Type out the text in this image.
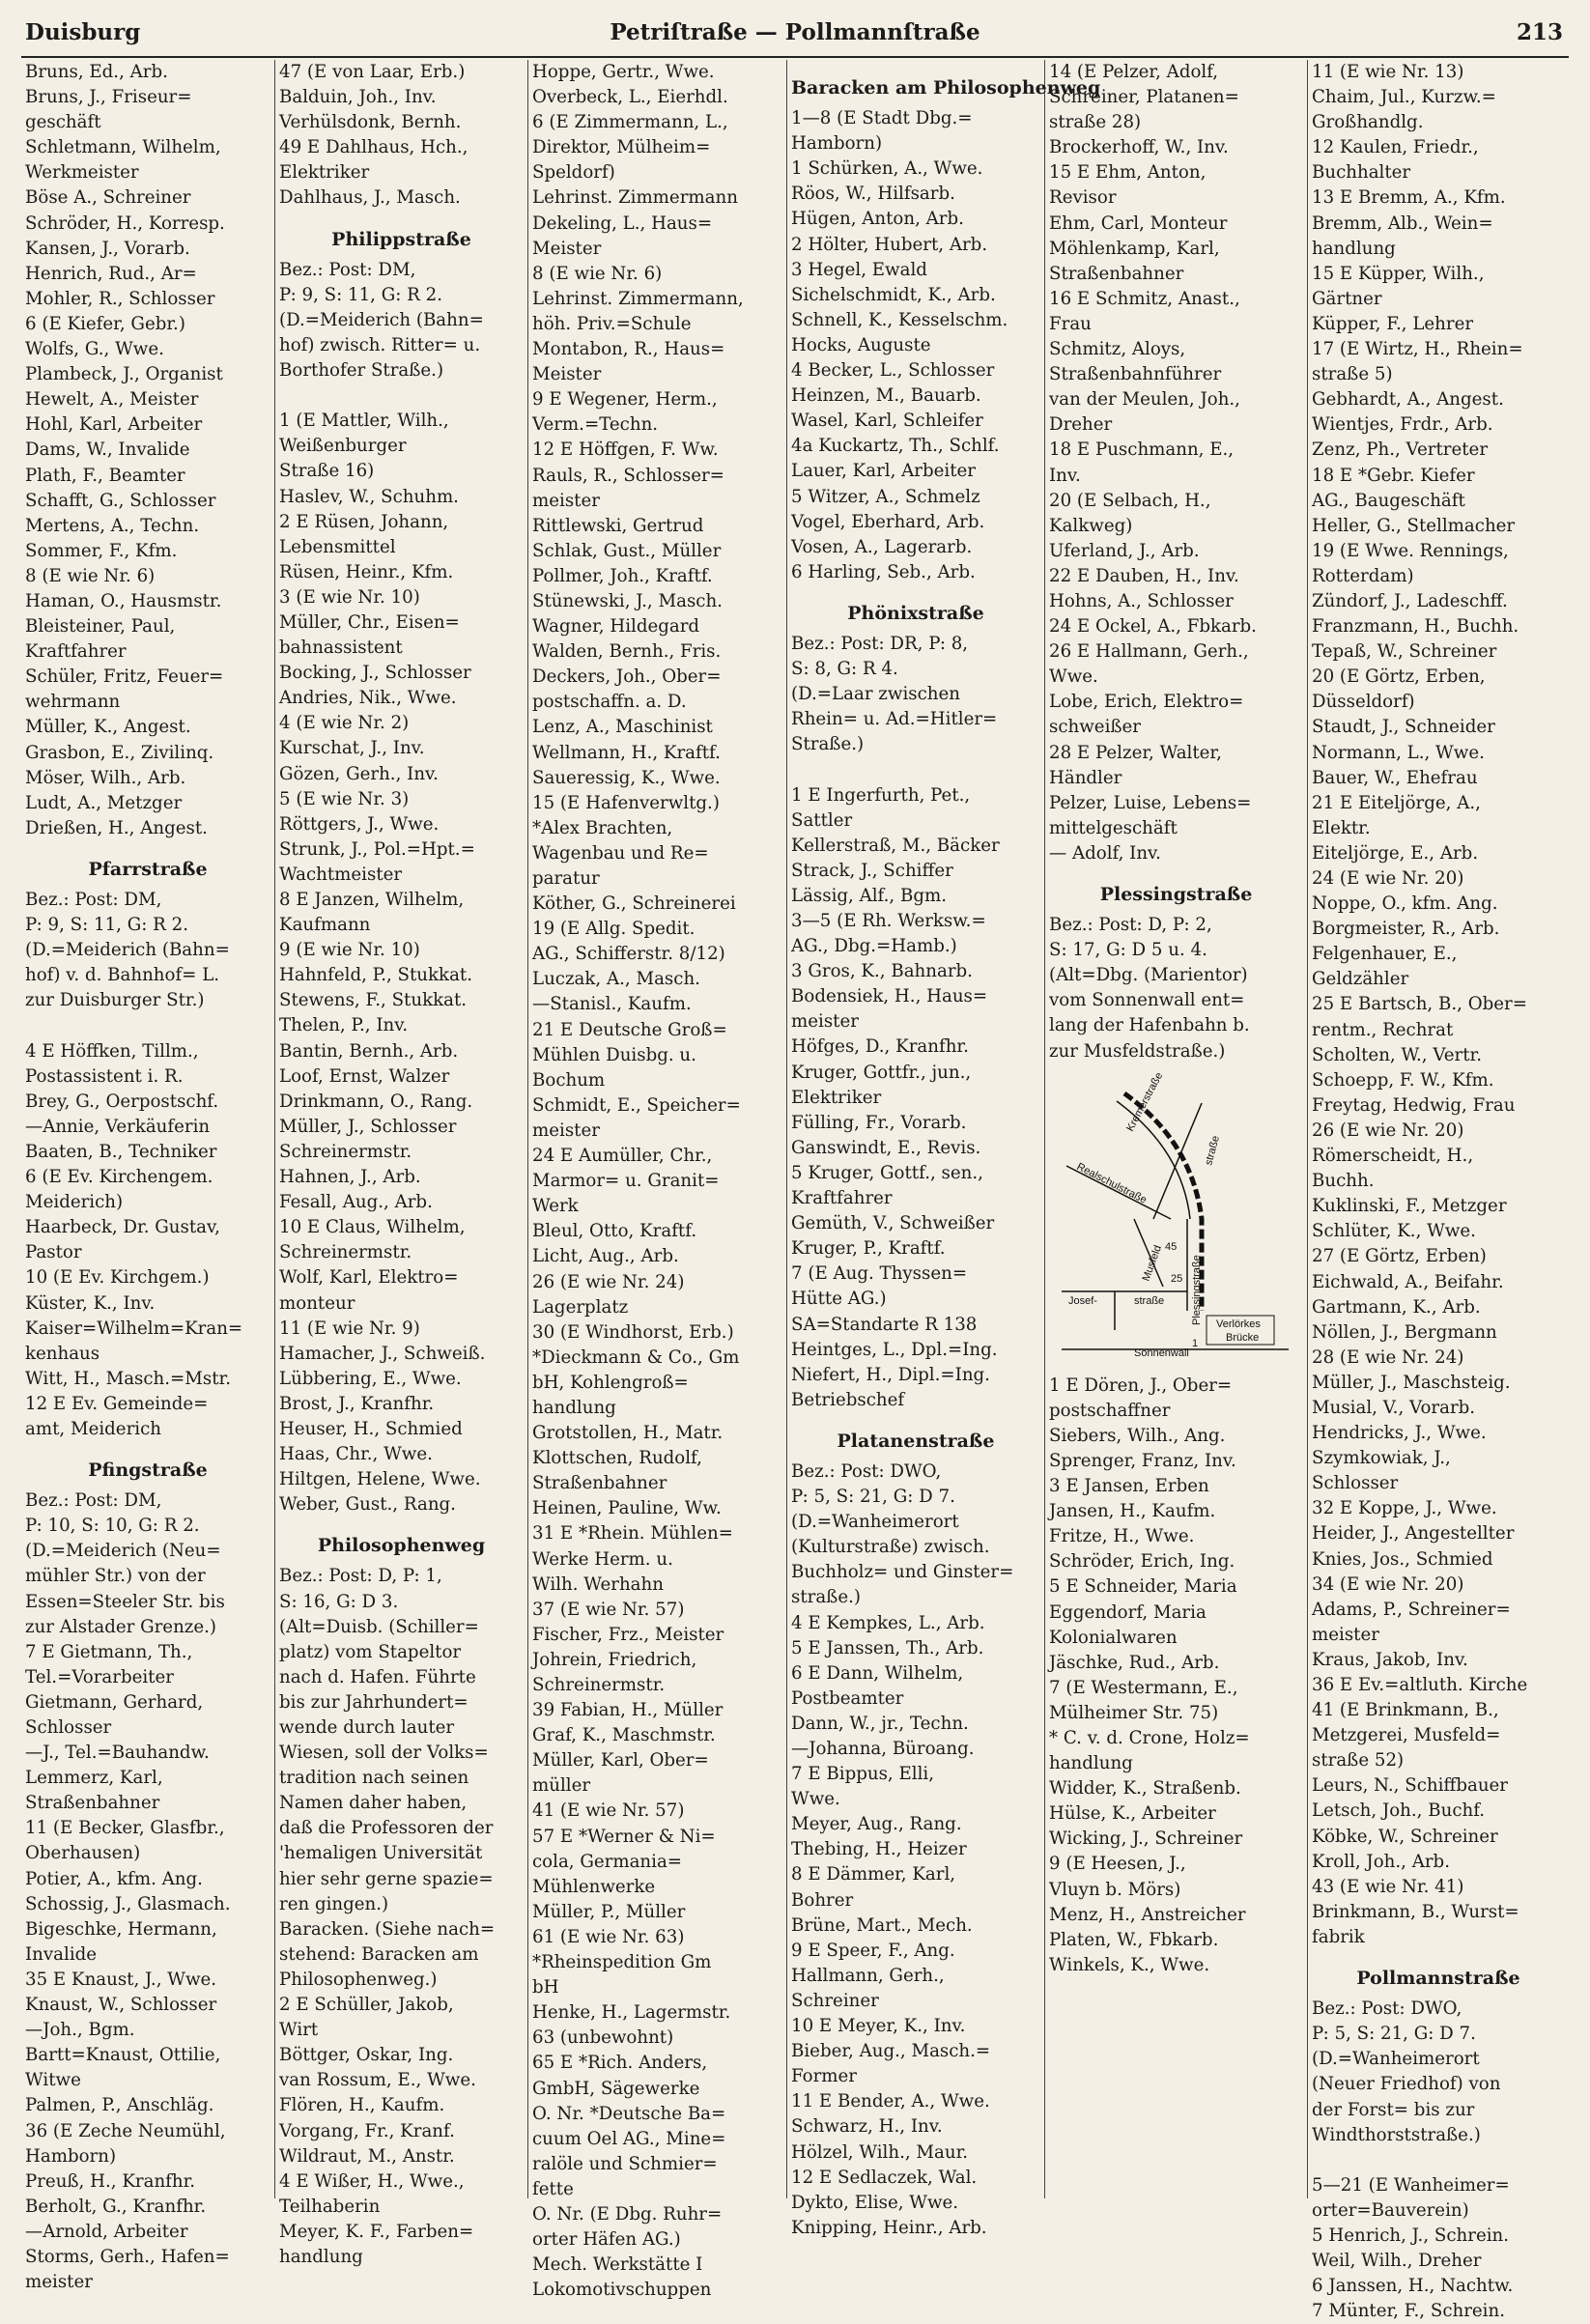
Duisburg	Petriſtraße — Pollmannſtraße	213
Bruns, Ed., Arb.
Bruns, J., Friseur=
geschäft
Schletmann, Wilhelm,
Werkmeister
Böse A., Schreiner
Schröder, H., Korresp.
Kansen, J., Vorarb.
Henrich, Rud., Ar=
Mohler, R., Schlosser
6 (E Kiefer, Gebr.)
Wolfs, G., Wwe.
Plambeck, J., Organist
Hewelt, A., Meister
Hohl, Karl, Arbeiter
Dams, W., Invalide
Plath, F., Beamter
Schafft, G., Schlosser
Mertens, A., Techn.
Sommer, F., Kfm.
8 (E wie Nr. 6)
Haman, O., Hausmstr.
Bleisteiner, Paul,
Kraftfahrer
Schüler, Fritz, Feuer=
wehrmann
Müller, K., Angest.
Grasbon, E., Zivilinq.
Möser, Wilh., Arb.
Ludt, A., Metzger
Drießen, H., Angest.
Pfarrstraße
Bez.: Post: DM,
P: 9, S: 11, G: R 2.
(D.=Meiderich (Bahn=
hof) v. d. Bahnhof= L.
zur Duisburger Str.)

4 E Höffken, Tillm.,
Postassistent i. R.
Brey, G., Oerpostschf.
—Annie, Verkäuferin
Baaten, B., Techniker
6 (E Ev. Kirchengem.
Meiderich)
Haarbeck, Dr. Gustav,
Pastor
10 (E Ev. Kirchgem.)
Küster, K., Inv.
Kaiser=Wilhelm=Kran=
kenhaus
Witt, H., Masch.=Mstr.
12 E Ev. Gemeinde=
amt, Meiderich
Pfingstraße
Bez.: Post: DM,
P: 10, S: 10, G: R 2.
(D.=Meiderich (Neu=
mühler Str.) von der
Essen=Steeler Str. bis
zur Alstader Grenze.)
7 E Gietmann, Th.,
Tel.=Vorarbeiter
Gietmann, Gerhard,
Schlosser
—J., Tel.=Bauhandw.
Lemmerz, Karl,
Straßenbahner
11 (E Becker, Glasfbr.,
Oberhausen)
Potier, A., kfm. Ang.
Schossig, J., Glasmach.
Bigeschke, Hermann,
Invalide
35 E Knaust, J., Wwe.
Knaust, W., Schlosser
—Joh., Bgm.
Bartt=Knaust, Ottilie,
Witwe
Palmen, P., Anschläg.
36 (E Zeche Neumühl,
Hamborn)
Preuß, H., Kranfhr.
Berholt, G., Kranfhr.
—Arnold, Arbeiter
Storms, Gerh., Hafen=
meister
47 (E von Laar, Erb.)
Balduin, Joh., Inv.
Verhülsdonk, Bernh.
49 E Dahlhaus, Hch.,
Elektriker
Dahlhaus, J., Masch.
Philippstraße
Bez.: Post: DM,
P: 9, S: 11, G: R 2.
(D.=Meiderich (Bahn=
hof) zwisch. Ritter= u.
Borthofer Straße.)

1 (E Mattler, Wilh.,
Weißenburger
Straße 16)
Haslev, W., Schuhm.
2 E Rüsen, Johann,
Lebensmittel
Rüsen, Heinr., Kfm.
3 (E wie Nr. 10)
Müller, Chr., Eisen=
bahnassistent
Bocking, J., Schlosser
Andries, Nik., Wwe.
4 (E wie Nr. 2)
Kurschat, J., Inv.
Gözen, Gerh., Inv.
5 (E wie Nr. 3)
Röttgers, J., Wwe.
Strunk, J., Pol.=Hpt.=
Wachtmeister
8 E Janzen, Wilhelm,
Kaufmann
9 (E wie Nr. 10)
Hahnfeld, P., Stukkat.
Stewens, F., Stukkat.
Thelen, P., Inv.
Bantin, Bernh., Arb.
Loof, Ernst, Walzer
Drinkmann, O., Rang.
Müller, J., Schlosser
Schreinermstr.
Hahnen, J., Arb.
Fesall, Aug., Arb.
10 E Claus, Wilhelm,
Schreinermstr.
Wolf, Karl, Elektro=
monteur
11 (E wie Nr. 9)
Hamacher, J., Schweiß.
Lübbering, E., Wwe.
Brost, J., Kranfhr.
Heuser, H., Schmied
Haas, Chr., Wwe.
Hiltgen, Helene, Wwe.
Weber, Gust., Rang.
Philosophenweg
Bez.: Post: D, P: 1,
S: 16, G: D 3.
(Alt=Duisb. (Schiller=
platz) vom Stapeltor
nach d. Hafen. Führte
bis zur Jahrhundert=
wende durch lauter
Wiesen, soll der Volks=
tradition nach seinen
Namen daher haben,
daß die Professoren der
'hemaligen Universität
hier sehr gerne spazie=
ren gingen.)
Baracken. (Siehe nach=
stehend: Baracken am
Philosophenweg.)
2 E Schüller, Jakob,
Wirt
Böttger, Oskar, Ing.
van Rossum, E., Wwe.
Flören, H., Kaufm.
Vorgang, Fr., Kranf.
Wildraut, M., Anstr.
4 E Wißer, H., Wwe.,
Teilhaberin
Meyer, K. F., Farben=
handlung
Hoppe, Gertr., Wwe.
Overbeck, L., Eierhdl.
6 (E Zimmermann, L.,
Direktor, Mülheim=
Speldorf)
Lehrinst. Zimmermann
Dekeling, L., Haus=
Meister
8 (E wie Nr. 6)
Lehrinst. Zimmermann,
höh. Priv.=Schule
Montabon, R., Haus=
Meister
9 E Wegener, Herm.,
Verm.=Techn.
12 E Höffgen, F. Ww.
Rauls, R., Schlosser=
meister
Rittlewski, Gertrud
Schlak, Gust., Müller
Pollmer, Joh., Kraftf.
Stünewski, J., Masch.
Wagner, Hildegard
Walden, Bernh., Fris.
Deckers, Joh., Ober=
postschaffn. a. D.
Lenz, A., Maschinist
Wellmann, H., Kraftf.
Saueressig, K., Wwe.
15 (E Hafenverwltg.)
*Alex Brachten,
Wagenbau und Re=
paratur
Köther, G., Schreinerei
19 (E Allg. Spedit.
AG., Schifferstr. 8/12)
Luczak, A., Masch.
—Stanisl., Kaufm.
21 E Deutsche Groß=
Mühlen Duisbg. u.
Bochum
Schmidt, E., Speicher=
meister
24 E Aumüller, Chr.,
Marmor= u. Granit=
Werk
Bleul, Otto, Kraftf.
Licht, Aug., Arb.
26 (E wie Nr. 24)
Lagerplatz
30 (E Windhorst, Erb.)
*Dieckmann & Co., Gm
bH, Kohlengroß=
handlung
Grotstollen, H., Matr.
Klottschen, Rudolf,
Straßenbahner
Heinen, Pauline, Ww.
31 E *Rhein. Mühlen=
Werke Herm. u.
Wilh. Werhahn
37 (E wie Nr. 57)
Fischer, Frz., Meister
Johrein, Friedrich,
Schreinermstr.
39 Fabian, H., Müller
Graf, K., Maschmstr.
Müller, Karl, Ober=
müller
41 (E wie Nr. 57)
57 E *Werner & Ni=
cola, Germania=
Mühlenwerke
Müller, P., Müller
61 (E wie Nr. 63)
*Rheinspedition Gm
bH
Henke, H., Lagermstr.
63 (unbewohnt)
65 E *Rich. Anders,
GmbH, Sägewerke
O. Nr. *Deutsche Ba=
cuum Oel AG., Mine=
ralöle und Schmier=
fette
O. Nr. (E Dbg. Ruhr=
orter Häfen AG.)
Mech. Werkstätte I
Lokomotivschuppen
Baracken am Philosophenweg
1—8 (E Stadt Dbg.=
Hamborn)
1 Schürken, A., Wwe.
Röos, W., Hilfsarb.
Hügen, Anton, Arb.
2 Hölter, Hubert, Arb.
3 Hegel, Ewald
Sichelschmidt, K., Arb.
Schnell, K., Kesselschm.
Hocks, Auguste
4 Becker, L., Schlosser
Heinzen, M., Bauarb.
Wasel, Karl, Schleifer
4a Kuckartz, Th., Schlf.
Lauer, Karl, Arbeiter
5 Witzer, A., Schmelz
Vogel, Eberhard, Arb.
Vosen, A., Lagerarb.
6 Harling, Seb., Arb.
Phönixstraße
Bez.: Post: DR, P: 8,
S: 8, G: R 4.
(D.=Laar zwischen
Rhein= u. Ad.=Hitler=
Straße.)

1 E Ingerfurth, Pet.,
Sattler
Kellerstraß, M., Bäcker
Strack, J., Schiffer
Lässig, Alf., Bgm.
3—5 (E Rh. Werksw.=
AG., Dbg.=Hamb.)
3 Gros, K., Bahnarb.
Bodensiek, H., Haus=
meister
Höfges, D., Kranfhr.
Kruger, Gottfr., jun.,
Elektriker
Fülling, Fr., Vorarb.
Ganswindt, E., Revis.
5 Kruger, Gottf., sen.,
Kraftfahrer
Gemüth, V., Schweißer
Kruger, P., Kraftf.
7 (E Aug. Thyssen=
Hütte AG.)
SA=Standarte R 138
Heintges, L., Dpl.=Ing.
Niefert, H., Dipl.=Ing.
Betriebschef
Platanenstraße
Bez.: Post: DWO,
P: 5, S: 21, G: D 7.
(D.=Wanheimerort
(Kulturstraße) zwisch.
Buchholz= und Ginster=
straße.)
4 E Kempkes, L., Arb.
5 E Janssen, Th., Arb.
6 E Dann, Wilhelm,
Postbeamter
Dann, W., jr., Techn.
—Johanna, Büroang.
7 E Bippus, Elli,
Wwe.
Meyer, Aug., Rang.
Thebing, H., Heizer
8 E Dämmer, Karl,
Bohrer
Brüne, Mart., Mech.
9 E Speer, F., Ang.
Hallmann, Gerh.,
Schreiner
10 E Meyer, K., Inv.
Bieber, Aug., Masch.=
Former
11 E Bender, A., Wwe.
Schwarz, H., Inv.
Hölzel, Wilh., Maur.
12 E Sedlaczek, Wal.
Dykto, Elise, Wwe.
Knipping, Heinr., Arb.
14 (E Pelzer, Adolf,
Schreiner, Platanen=
straße 28)
Brockerhoff, W., Inv.
15 E Ehm, Anton,
Revisor
Ehm, Carl, Monteur
Möhlenkamp, Karl,
Straßenbahner
16 E Schmitz, Anast.,
Frau
Schmitz, Aloys,
Straßenbahnführer
van der Meulen, Joh.,
Dreher
18 E Puschmann, E.,
Inv.
20 (E Selbach, H.,
Kalkweg)
Uferland, J., Arb.
22 E Dauben, H., Inv.
Hohns, A., Schlosser
24 E Ockel, A., Fbkarb.
26 E Hallmann, Gerh.,
Wwe.
Lobe, Erich, Elektro=
schweißer
28 E Pelzer, Walter,
Händler
Pelzer, Luise, Lebens=
mittelgeschäft
— Adolf, Inv.
Plessingstraße
Bez.: Post: D, P: 2,
S: 17, G: D 5 u. 4.
(Alt=Dbg. (Marientor)
vom Sonnenwall ent=
lang der Hafenbahn b.
zur Musfeldstraße.)
Kremerstraße
straße
Realschulstraße
Musfeld	Plessingstraße
Josef-	straße
Verlörkes
Brücke
Sonnenwall
45
25
1
1 E Dören, J., Ober=
postschaffner
Siebers, Wilh., Ang.
Sprenger, Franz, Inv.
3 E Jansen, Erben
Jansen, H., Kaufm.
Fritze, H., Wwe.
Schröder, Erich, Ing.
5 E Schneider, Maria
Eggendorf, Maria
Kolonialwaren
Jäschke, Rud., Arb.
7 (E Westermann, E.,
Mülheimer Str. 75)
* C. v. d. Crone, Holz=
handlung
Widder, K., Straßenb.
Hülse, K., Arbeiter
Wicking, J., Schreiner
9 (E Heesen, J.,
Vluyn b. Mörs)
Menz, H., Anstreicher
Platen, W., Fbkarb.
Winkels, K., Wwe.
11 (E wie Nr. 13)
Chaim, Jul., Kurzw.=
Großhandlg.
12 Kaulen, Friedr.,
Buchhalter
13 E Bremm, A., Kfm.
Bremm, Alb., Wein=
handlung
15 E Küpper, Wilh.,
Gärtner
Küpper, F., Lehrer
17 (E Wirtz, H., Rhein=
straße 5)
Gebhardt, A., Angest.
Wientjes, Frdr., Arb.
Zenz, Ph., Vertreter
18 E *Gebr. Kiefer
AG., Baugeschäft
Heller, G., Stellmacher
19 (E Wwe. Rennings,
Rotterdam)
Zündorf, J., Ladeschff.
Franzmann, H., Buchh.
Tepaß, W., Schreiner
20 (E Görtz, Erben,
Düsseldorf)
Staudt, J., Schneider
Normann, L., Wwe.
Bauer, W., Ehefrau
21 E Eiteljörge, A.,
Elektr.
Eiteljörge, E., Arb.
24 (E wie Nr. 20)
Noppe, O., kfm. Ang.
Borgmeister, R., Arb.
Felgenhauer, E.,
Geldzähler
25 E Bartsch, B., Ober=
rentm., Rechrat
Scholten, W., Vertr.
Schoepp, F. W., Kfm.
Freytag, Hedwig, Frau
26 (E wie Nr. 20)
Römerscheidt, H.,
Buchh.
Kuklinski, F., Metzger
Schlüter, K., Wwe.
27 (E Görtz, Erben)
Eichwald, A., Beifahr.
Gartmann, K., Arb.
Nöllen, J., Bergmann
28 (E wie Nr. 24)
Müller, J., Maschsteig.
Musial, V., Vorarb.
Hendricks, J., Wwe.
Szymkowiak, J.,
Schlosser
32 E Koppe, J., Wwe.
Heider, J., Angestellter
Knies, Jos., Schmied
34 (E wie Nr. 20)
Adams, P., Schreiner=
meister
Kraus, Jakob, Inv.
36 E Ev.=altluth. Kirche
41 (E Brinkmann, B.,
Metzgerei, Musfeld=
straße 52)
Leurs, N., Schiffbauer
Letsch, Joh., Buchf.
Köbke, W., Schreiner
Kroll, Joh., Arb.
43 (E wie Nr. 41)
Brinkmann, B., Wurst=
fabrik
Pollmannstraße
Bez.: Post: DWO,
P: 5, S: 21, G: D 7.
(D.=Wanheimerort
(Neuer Friedhof) von
der Forst= bis zur
Windthorststraße.)

5—21 (E Wanheimer=
orter=Bauverein)
5 Henrich, J., Schrein.
Weil, Wilh., Dreher
6 Janssen, H., Nachtw.
7 Münter, F., Schrein.
